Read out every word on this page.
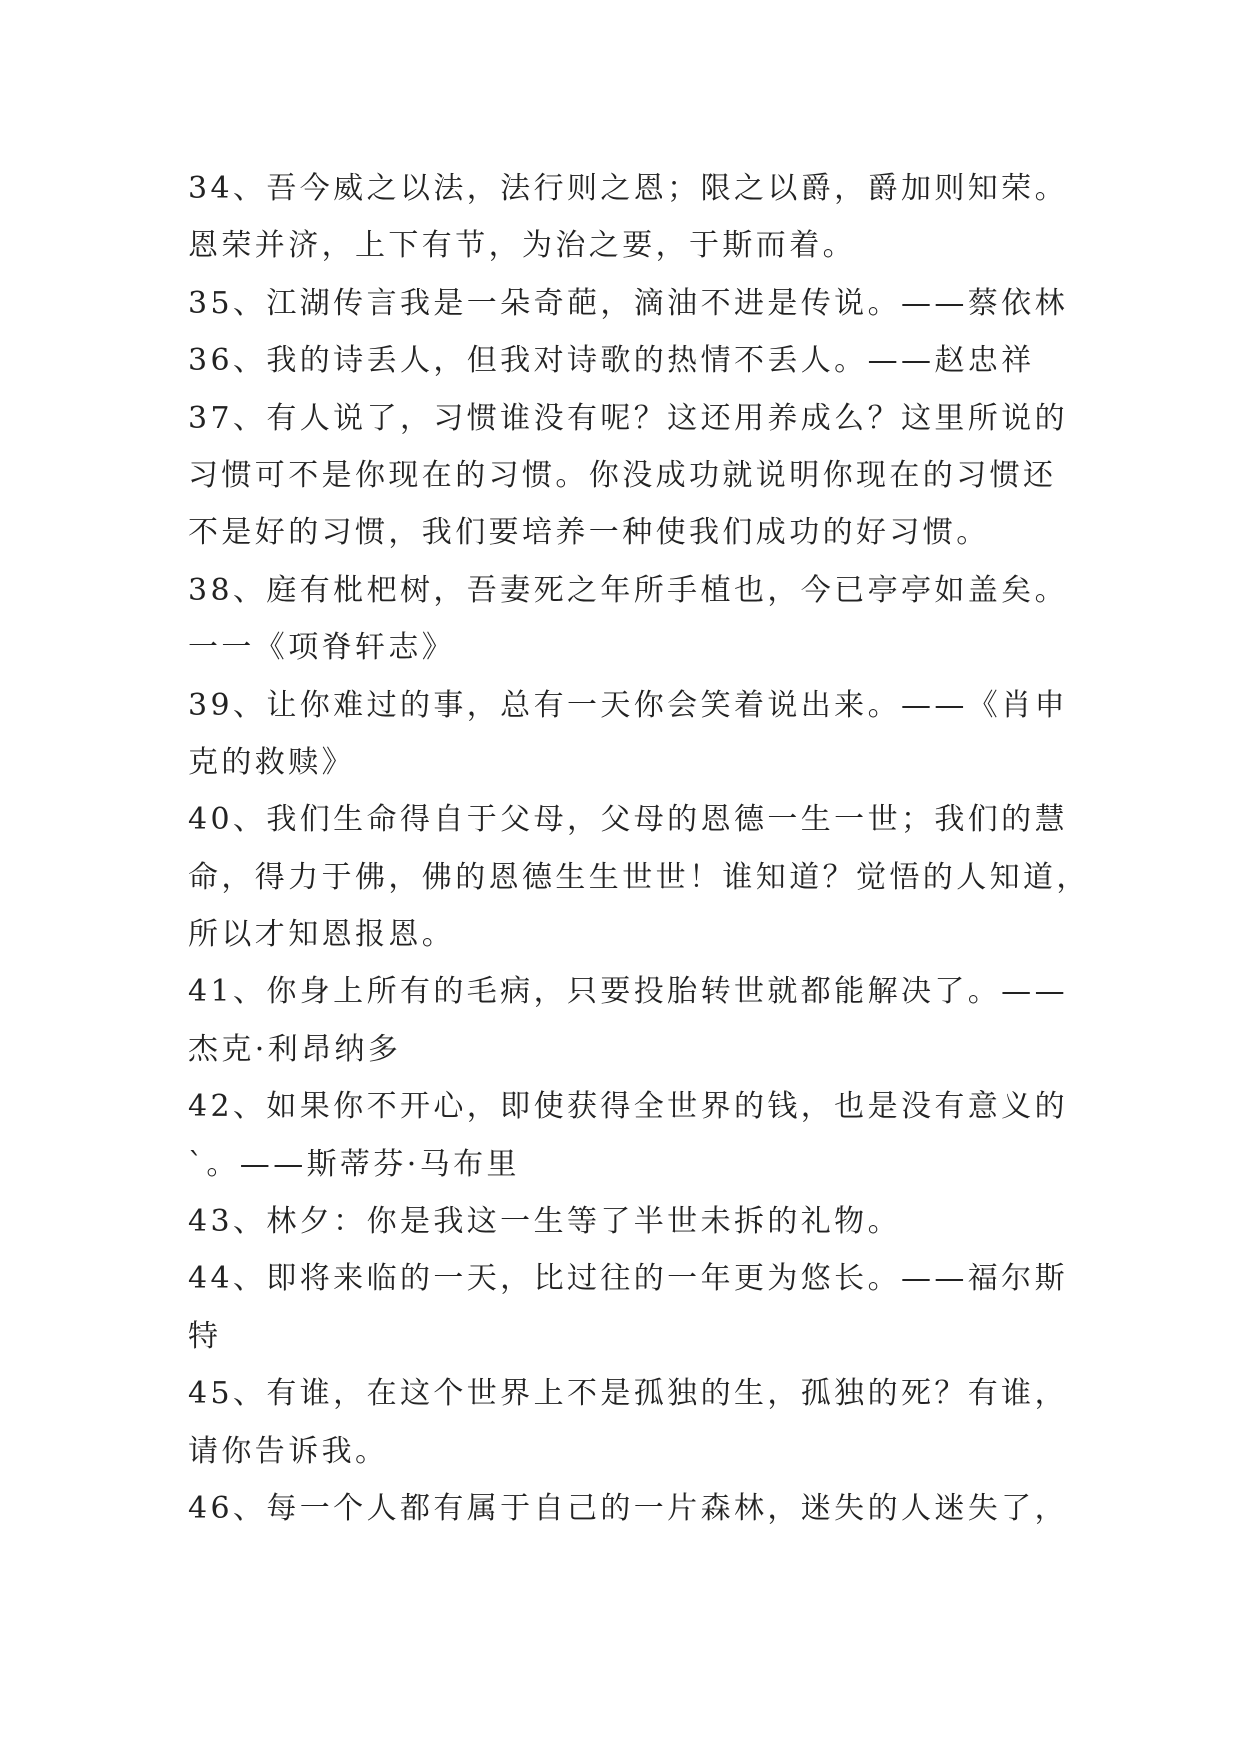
34、吾今威之以法，法行则之恩；限之以爵，爵加则知荣。
恩荣并济，上下有节，为治之要，于斯而着。
35、江湖传言我是一朵奇葩，滴油不进是传说。——蔡依林
36、我的诗丢人，但我对诗歌的热情不丢人。——赵忠祥
37、有人说了，习惯谁没有呢？这还用养成么？这里所说的
习惯可不是你现在的习惯。你没成功就说明你现在的习惯还
不是好的习惯，我们要培养一种使我们成功的好习惯。
38、庭有枇杷树，吾妻死之年所手植也，今已亭亭如盖矣。
一一《项脊轩志》
39、让你难过的事，总有一天你会笑着说出来。——《肖申
克的救赎》
40、我们生命得自于父母，父母的恩德一生一世；我们的慧
命，得力于佛，佛的恩德生生世世！谁知道？觉悟的人知道，
所以才知恩报恩。
41、你身上所有的毛病，只要投胎转世就都能解决了。——
杰克·利昂纳多
42、如果你不开心，即使获得全世界的钱，也是没有意义的
`。——斯蒂芬·马布里
43、林夕：你是我这一生等了半世未拆的礼物。
44、即将来临的一天，比过往的一年更为悠长。——福尔斯
特
45、有谁，在这个世界上不是孤独的生，孤独的死？有谁，
请你告诉我。
46、每一个人都有属于自己的一片森林，迷失的人迷失了，
